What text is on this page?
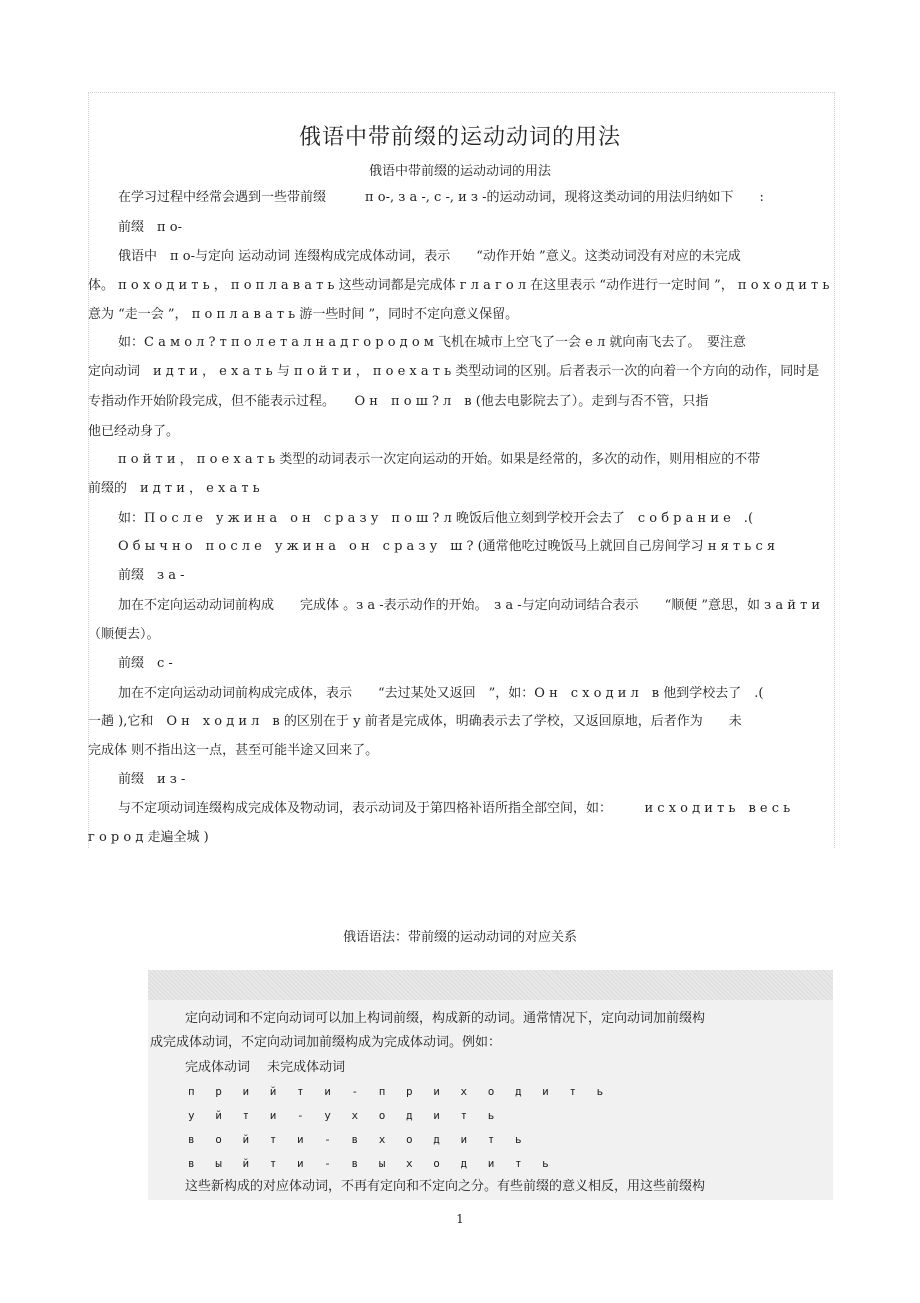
俄语中带前缀的运动动词的用法
俄语中带前缀的运动动词的用法
在学习过程中经常会遇到一些带前缀　　　п о-, з а -, с -, и з -的运动动词，现将这类动词的用法归纳如下　　:
前缀　п о-
俄语中　п о-与定向 运动动词 连缀构成完成体动词，表示　　“动作开始 ”意义。这类动词没有对应的未完成
体。 п о х о д и т ь ， п о п л а в а т ь 这些动词都是完成体 г л а г о л 在这里表示 “动作进行一定时间 ”， п о х о д и т ь
意为 “走一会 ”， п о п л а в а т ь 游一些时间 ”，同时不定向意义保留。
如：С а м о л ? т п о л е т а л н а д г о р о д о м 飞机在城市上空飞了一会 е л 就向南飞去了。　要注意
定向动词　и д т и ， е х а т ь 与 п о й т и ， п о е х а т ь 类型动词的区别。后者表示一次的向着一个方向的动作，同时是
专指动作开始阶段完成，但不能表示过程。　　О н　п о ш ? л　в (他去电影院去了）。走到与否不管，只指
他已经动身了。
п о й т и ， п о е х а т ь 类型的动词表示一次定向运动的开始。如果是经常的，多次的动作，则用相应的不带
前缀的　и д т и ， е х а т ь
如：П о с л е　у ж и н а　о н　с р а з у　п о ш ? л 晚饭后他立刻到学校开会去了　с о б р а н и е　.(
О б ы ч н о　п о с л е　у ж и н а　о н　с р а з у　ш ? (通常他吃过晚饭马上就回自己房间学习 н я т ь с я
前缀　з а -
加在不定向运动动词前构成　　完成体 。з а -表示动作的开始。　з а -与定向动词结合表示　　“顺便 ”意思，如 з а й т и
（顺便去）。
前缀　с -
加在不定向运动动词前构成完成体，表示　　“去过某处又返回　”，如：О н　с х о д и л　в 他到学校去了　.(
一趟 ),它和　О н　х о д и л　в 的区别在于 у 前者是完成体，明确表示去了学校，又返回原地，后者作为　　未
完成体 则不指出这一点，甚至可能半途又回来了。
前缀　и з -
与不定项动词连缀构成完成体及物动词，表示动词及于第四格补语所指全部空间，如：　　　и с х о д и т ь　в е с ь
г о р о д 走遍全城 )
俄语语法：带前缀的运动动词的对应关系
定向动词和不定向动词可以加上构词前缀，构成新的动词。通常情况下，定向动词加前缀构
成完成体动词，不定向动词加前缀构成为完成体动词。例如：
完成体动词　 未完成体动词
п р и й т и - п р и х о д и т ь
у й т и - у х о д и т ь
в о й т и - в х о д и т ь
в ы й т и - в ы х о д и т ь
这些新构成的对应体动词，不再有定向和不定向之分。有些前缀的意义相反，用这些前缀构
1
